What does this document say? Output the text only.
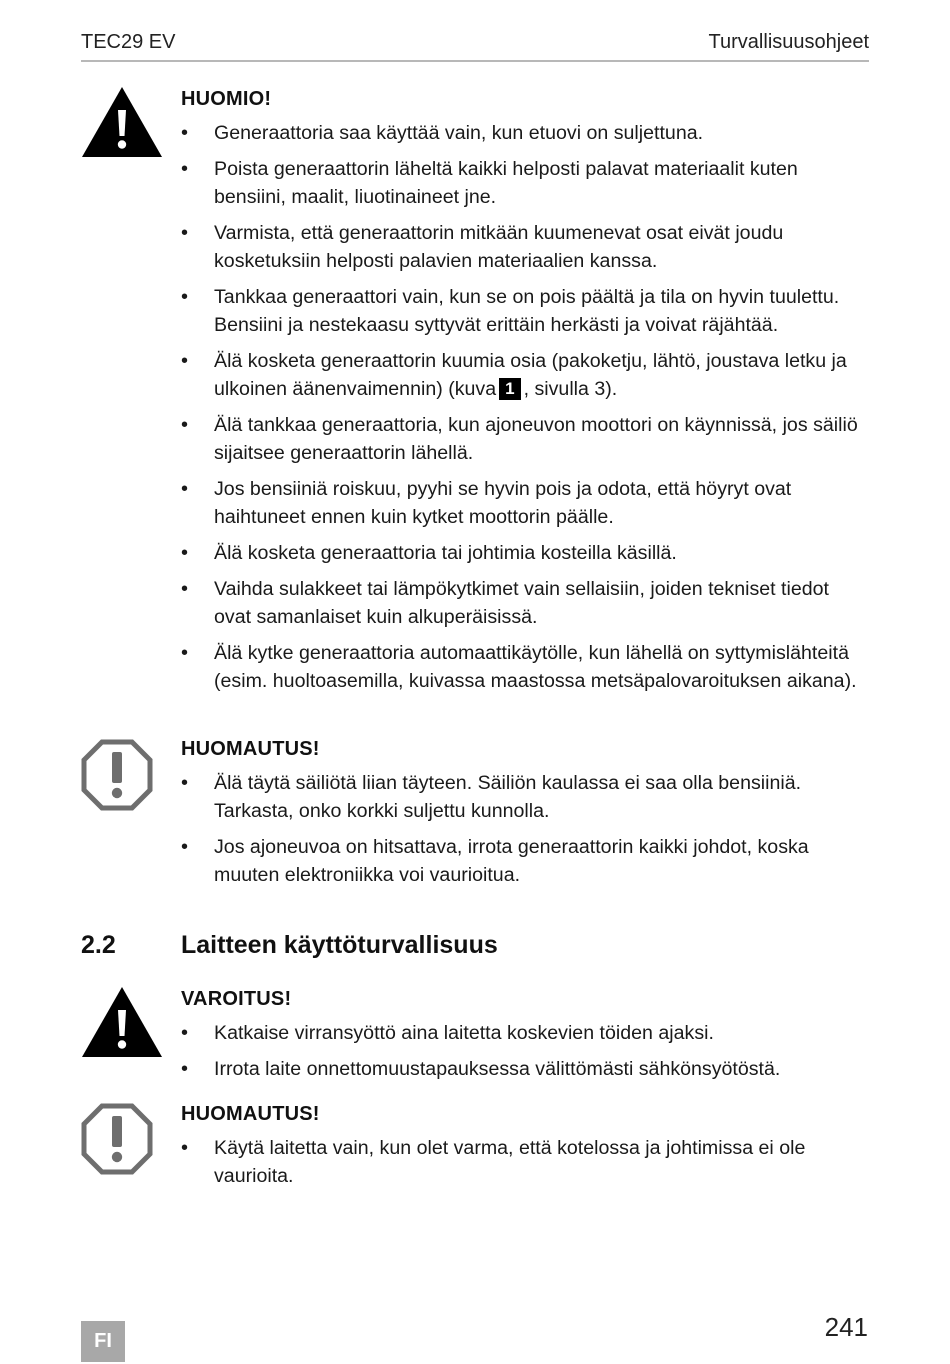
TEC29 EV	Turvallisuusohjeet
HUOMIO!
• Generaattoria saa käyttää vain, kun etuovi on suljettuna.
• Poista generaattorin läheltä kaikki helposti palavat materiaalit kuten bensiini, maalit, liuotinaineet jne.
• Varmista, että generaattorin mitkään kuumenevat osat eivät joudu kosketuksiin helposti palavien materiaalien kanssa.
• Tankkaa generaattori vain, kun se on pois päältä ja tila on hyvin tuulettu. Bensiini ja nestekaasu syttyvät erittäin herkästi ja voivat räjähtää.
• Älä kosketa generaattorin kuumia osia (pakoketju, lähtö, joustava letku ja ulkoinen äänenvaimennin) (kuva 1 , sivulla 3).
• Älä tankkaa generaattoria, kun ajoneuvon moottori on käynnissä, jos säiliö sijaitsee generaattorin lähellä.
• Jos bensiiniä roiskuu, pyyhi se hyvin pois ja odota, että höyryt ovat haihtuneet ennen kuin kytket moottorin päälle.
• Älä kosketa generaattoria tai johtimia kosteilla käsillä.
• Vaihda sulakkeet tai lämpökytkimet vain sellaisiin, joiden tekniset tiedot ovat samanlaiset kuin alkuperäisissä.
• Älä kytke generaattoria automaattikäytölle, kun lähellä on syttymislähteitä (esim. huoltoasemilla, kuivassa maastossa metsäpalovaroituksen aikana).
HUOMAUTUS!
• Älä täytä säiliötä liian täyteen. Säiliön kaulassa ei saa olla bensiiniä. Tarkasta, onko korkki suljettu kunnolla.
• Jos ajoneuvoa on hitsattava, irrota generaattorin kaikki johdot, koska muuten elektroniikka voi vaurioitua.
2.2	Laitteen käyttöturvallisuus
VAROITUS!
• Katkaise virransyöttö aina laitetta koskevien töiden ajaksi.
• Irrota laite onnettomuustapauksessa välittömästi sähkönsyötöstä.
HUOMAUTUS!
• Käytä laitetta vain, kun olet varma, että kotelossa ja johtimissa ei ole vaurioita.
FI	241
